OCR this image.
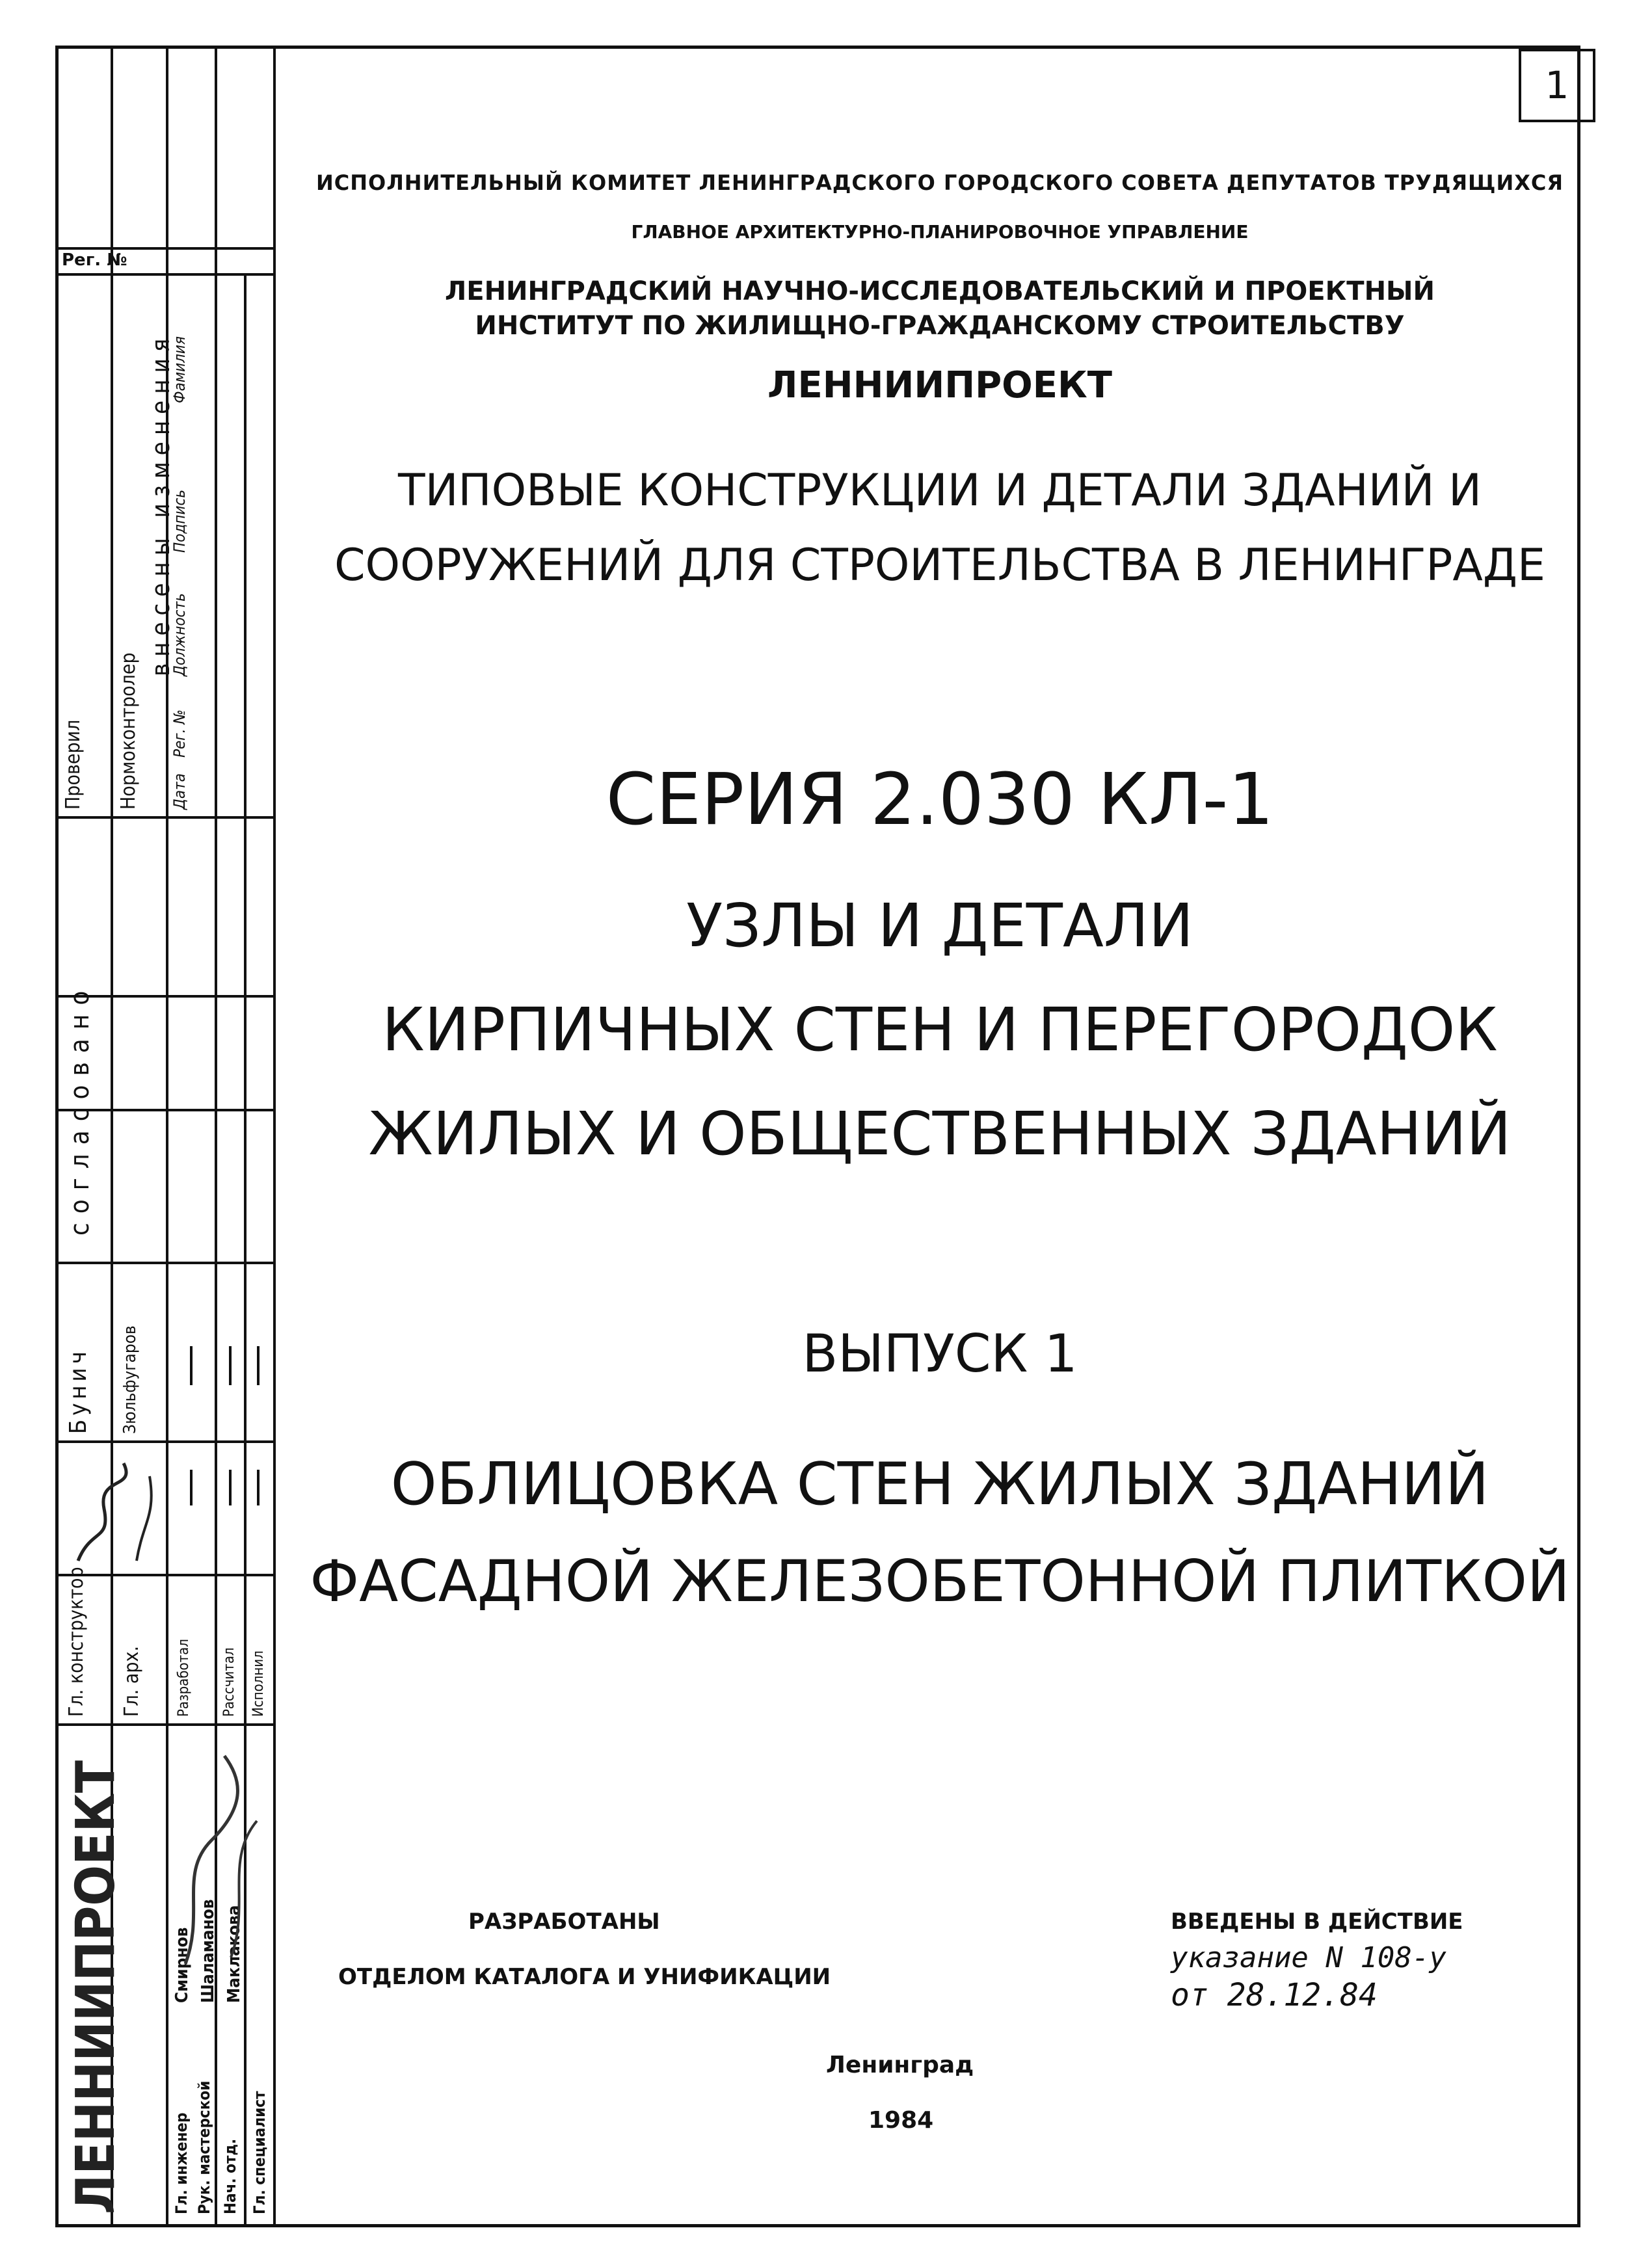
1
Рег. №
Проверил Нормоконтролер
внесены изменения
Дата
Рег. №
Должность
Подпись
Фамилия
согласовано
Бунич Зюльфугаров
Гл. конструктор Гл. арх. Разработал Рассчитал Исполнил
ЛЕННИИПРОЕКТ	Гл. инженер Рук. мастерской Нач. отд. Гл. специалист
Смирнов Шаламанов Маклакова
ИСПОЛНИТЕЛЬНЫЙ КОМИТЕТ ЛЕНИНГРАДСКОГО ГОРОДСКОГО СОВЕТА ДЕПУТАТОВ ТРУДЯЩИХСЯ
ГЛАВНОЕ АРХИТЕКТУРНО-ПЛАНИРОВОЧНОЕ УПРАВЛЕНИЕ
ЛЕНИНГРАДСКИЙ НАУЧНО-ИССЛЕДОВАТЕЛЬСКИЙ И ПРОЕКТНЫЙ
ИНСТИТУТ ПО ЖИЛИЩНО-ГРАЖДАНСКОМУ СТРОИТЕЛЬСТВУ
ЛЕННИИПРОЕКТ
ТИПОВЫЕ КОНСТРУКЦИИ И ДЕТАЛИ ЗДАНИЙ И
СООРУЖЕНИЙ ДЛЯ СТРОИТЕЛЬСТВА В ЛЕНИНГРАДЕ
СЕРИЯ 2.030 КЛ-1
УЗЛЫ И ДЕТАЛИ
КИРПИЧНЫХ СТЕН И ПЕРЕГОРОДОК
ЖИЛЫХ И ОБЩЕСТВЕННЫХ ЗДАНИЙ
ВЫПУСК 1
ОБЛИЦОВКА СТЕН ЖИЛЫХ ЗДАНИЙ
ФАСАДНОЙ ЖЕЛЕЗОБЕТОННОЙ ПЛИТКОЙ
РАЗРАБОТАНЫ
ОТДЕЛОМ КАТАЛОГА И УНИФИКАЦИИ
ВВЕДЕНЫ В ДЕЙСТВИЕ
указание N 108-у
от 28.12.84
Ленинград
1984
